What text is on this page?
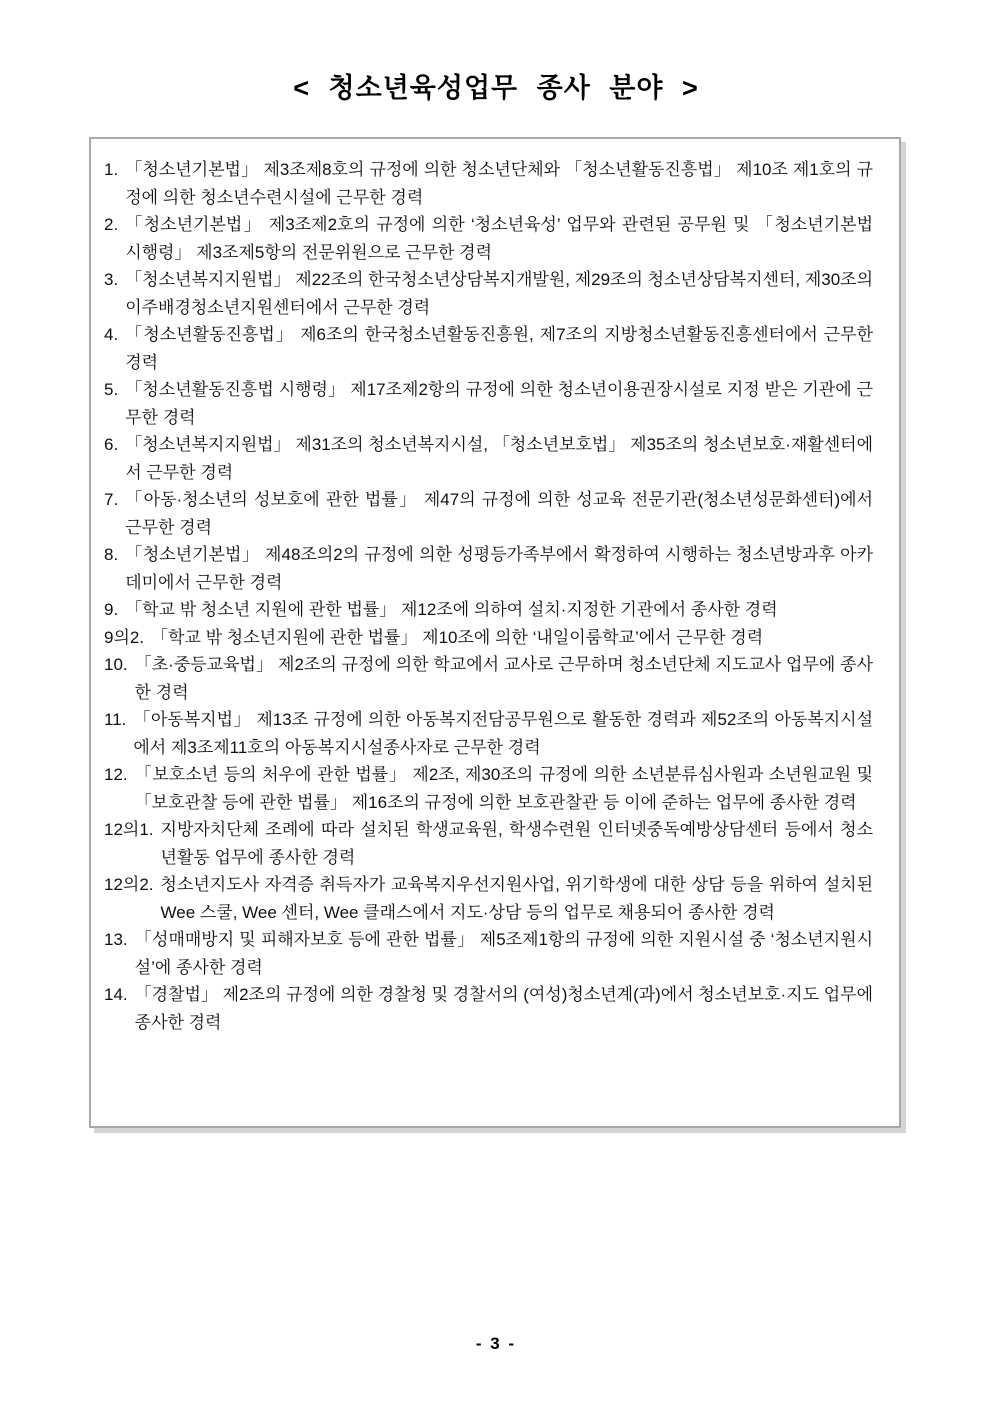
< 청소년육성업무 종사 분야 >
1. 「청소년기본법」 제3조제8호의 규정에 의한 청소년단체와 「청소년활동진흥법」 제10조 제1호의 규정에 의한 청소년수련시설에 근무한 경력
2. 「청소년기본법」 제3조제2호의 규정에 의한 ‘청소년육성’ 업무와 관련된 공무원 및 「청소년기본법 시행령」 제3조제5항의 전문위원으로 근무한 경력
3. 「청소년복지지원법」 제22조의 한국청소년상담복지개발원, 제29조의 청소년상담복지센터, 제30조의 이주배경청소년지원센터에서 근무한 경력
4. 「청소년활동진흥법」 제6조의 한국청소년활동진흥원, 제7조의 지방청소년활동진흥센터에서 근무한 경력
5. 「청소년활동진흥법 시행령」 제17조제2항의 규정에 의한 청소년이용권장시설로 지정 받은 기관에 근무한 경력
6. 「청소년복지지원법」 제31조의 청소년복지시설, 「청소년보호법」 제35조의 청소년보호·재활센터에서 근무한 경력
7. 「아동·청소년의 성보호에 관한 법률」 제47의 규정에 의한 성교육 전문기관(청소년성문화센터)에서 근무한 경력
8. 「청소년기본법」 제48조의2의 규정에 의한 성평등가족부에서 확정하여 시행하는 청소년방과후 아카데미에서 근무한 경력
9. 「학교 밖 청소년 지원에 관한 법률」 제12조에 의하여 설치·지정한 기관에서 종사한 경력
9의2. 「학교 밖 청소년지원에 관한 법률」 제10조에 의한 ‘내일이룸학교’에서 근무한 경력
10. 「초·중등교육법」 제2조의 규정에 의한 학교에서 교사로 근무하며 청소년단체 지도교사 업무에 종사한 경력
11. 「아동복지법」 제13조 규정에 의한 아동복지전담공무원으로 활동한 경력과 제52조의 아동복지시설에서 제3조제11호의 아동복지시설종사자로 근무한 경력
12. 「보호소년 등의 처우에 관한 법률」 제2조, 제30조의 규정에 의한 소년분류심사원과 소년원교원 및 「보호관찰 등에 관한 법률」 제16조의 규정에 의한 보호관찰관 등 이에 준하는 업무에 종사한 경력
12의1. 지방자치단체 조례에 따라 설치된 학생교육원, 학생수련원 인터넷중독예방상담센터 등에서 청소년활동 업무에 종사한 경력
12의2. 청소년지도사 자격증 취득자가 교육복지우선지원사업, 위기학생에 대한 상담 등을 위하여 설치된 Wee 스쿨, Wee 센터, Wee 클래스에서 지도·상담 등의 업무로 채용되어 종사한 경력
13. 「성매매방지 및 피해자보호 등에 관한 법률」 제5조제1항의 규정에 의한 지원시설 중 ‘청소년지원시설’에 종사한 경력
14. 「경찰법」 제2조의 규정에 의한 경찰청 및 경찰서의 (여성)청소년계(과)에서 청소년보호·지도 업무에 종사한 경력
- 3 -
